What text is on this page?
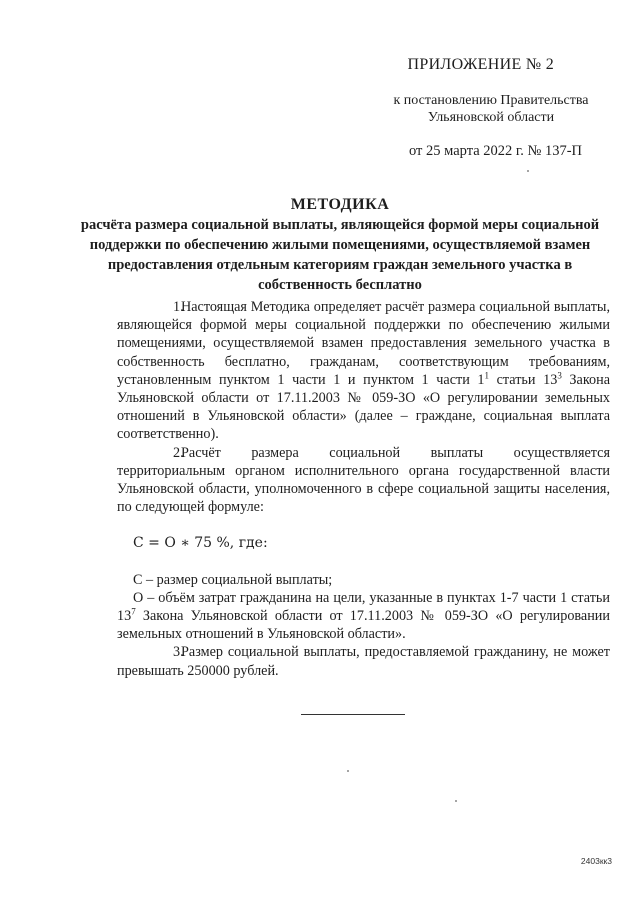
ПРИЛОЖЕНИЕ № 2
к постановлению Правительства
Ульяновской области
от 25 марта 2022 г. № 137-П
МЕТОДИКА
расчёта размера социальной выплаты, являющейся формой меры социальной поддержки по обеспечению жилыми помещениями, осуществляемой взамен предоставления отдельным категориям граждан земельного участка в собственность бесплатно

1.Настоящая Методика определяет расчёт размера социальной выплаты, являющейся формой меры социальной поддержки по обеспечению жилыми помещениями, осуществляемой взамен предоставления земельного участка в собственность бесплатно, гражданам, соответствующим требованиям, установленным пунктом 1 части 1 и пунктом 1 части $1^1$ статьи $13^3$ Закона Ульяновской области от 17.11.2003 № 059-ЗО «О регулировании земельных отношений в Ульяновской области» (далее – граждане, социальная выплата соответственно).

2.Расчёт размера социальной выплаты осуществляется территориальным органом исполнительного органа государственной власти Ульяновской области, уполномоченного в сфере социальной защиты населения, по следующей формуле:

С = О ∗ 75 %, где:

С – размер социальной выплаты;

О – объём затрат гражданина на цели, указанные в пунктах 1-7 части 1 статьи $13^7$ Закона Ульяновской области от 17.11.2003 № 059-ЗО «О регулировании земельных отношений в Ульяновской области».

3.Размер социальной выплаты, предоставляемой гражданину, не может превышать 250000 рублей.

2403кк3
